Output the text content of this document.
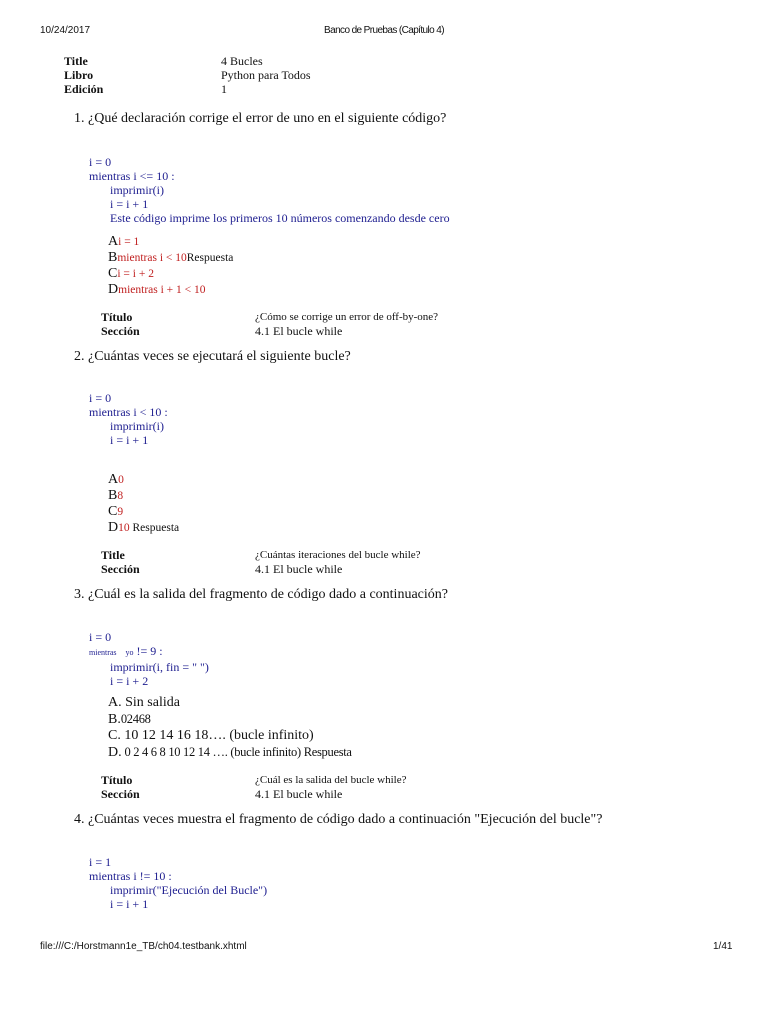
10/24/2017	Banco de Pruebas (Capítulo 4)
Title	4 Bucles
Libro	Python para Todos
Edición	1
1. ¿Qué declaración corrige el error de uno en el siguiente código?
i = 0
mientras i <= 10 :
imprimir(i)
i = i + 1
Este código imprime los primeros 10 números comenzando desde cero
Ai = 1
Bmientras i < 10Respuesta
Ci = i + 2
Dmientras i + 1 < 10
Título	¿Cómo se corrige un error de off-by-one?
Sección	4.1 El bucle while
2. ¿Cuántas veces se ejecutará el siguiente bucle?
i = 0
mientras i < 10 :
imprimir(i)
i = i + 1
A0
B8
C9
D10 Respuesta
Title	¿Cuántas iteraciones del bucle while?
Sección	4.1 El bucle while
3. ¿Cuál es la salida del fragmento de código dado a continuación?
i = 0
mientras yo != 9 :
imprimir(i, fin = " ")
i = i + 2
A. Sin salida
B.02468
C. 10 12 14 16 18…. (bucle infinito)
D. 0 2 4 6 8 10 12 14 …. (bucle infinito) Respuesta
Título	¿Cuál es la salida del bucle while?
Sección	4.1 El bucle while
4. ¿Cuántas veces muestra el fragmento de código dado a continuación "Ejecución del bucle"?
i = 1
mientras i != 10 :
imprimir("Ejecución del Bucle")
i = i + 1
file:///C:/Horstmann1e_TB/ch04.testbank.xhtml	1/41
